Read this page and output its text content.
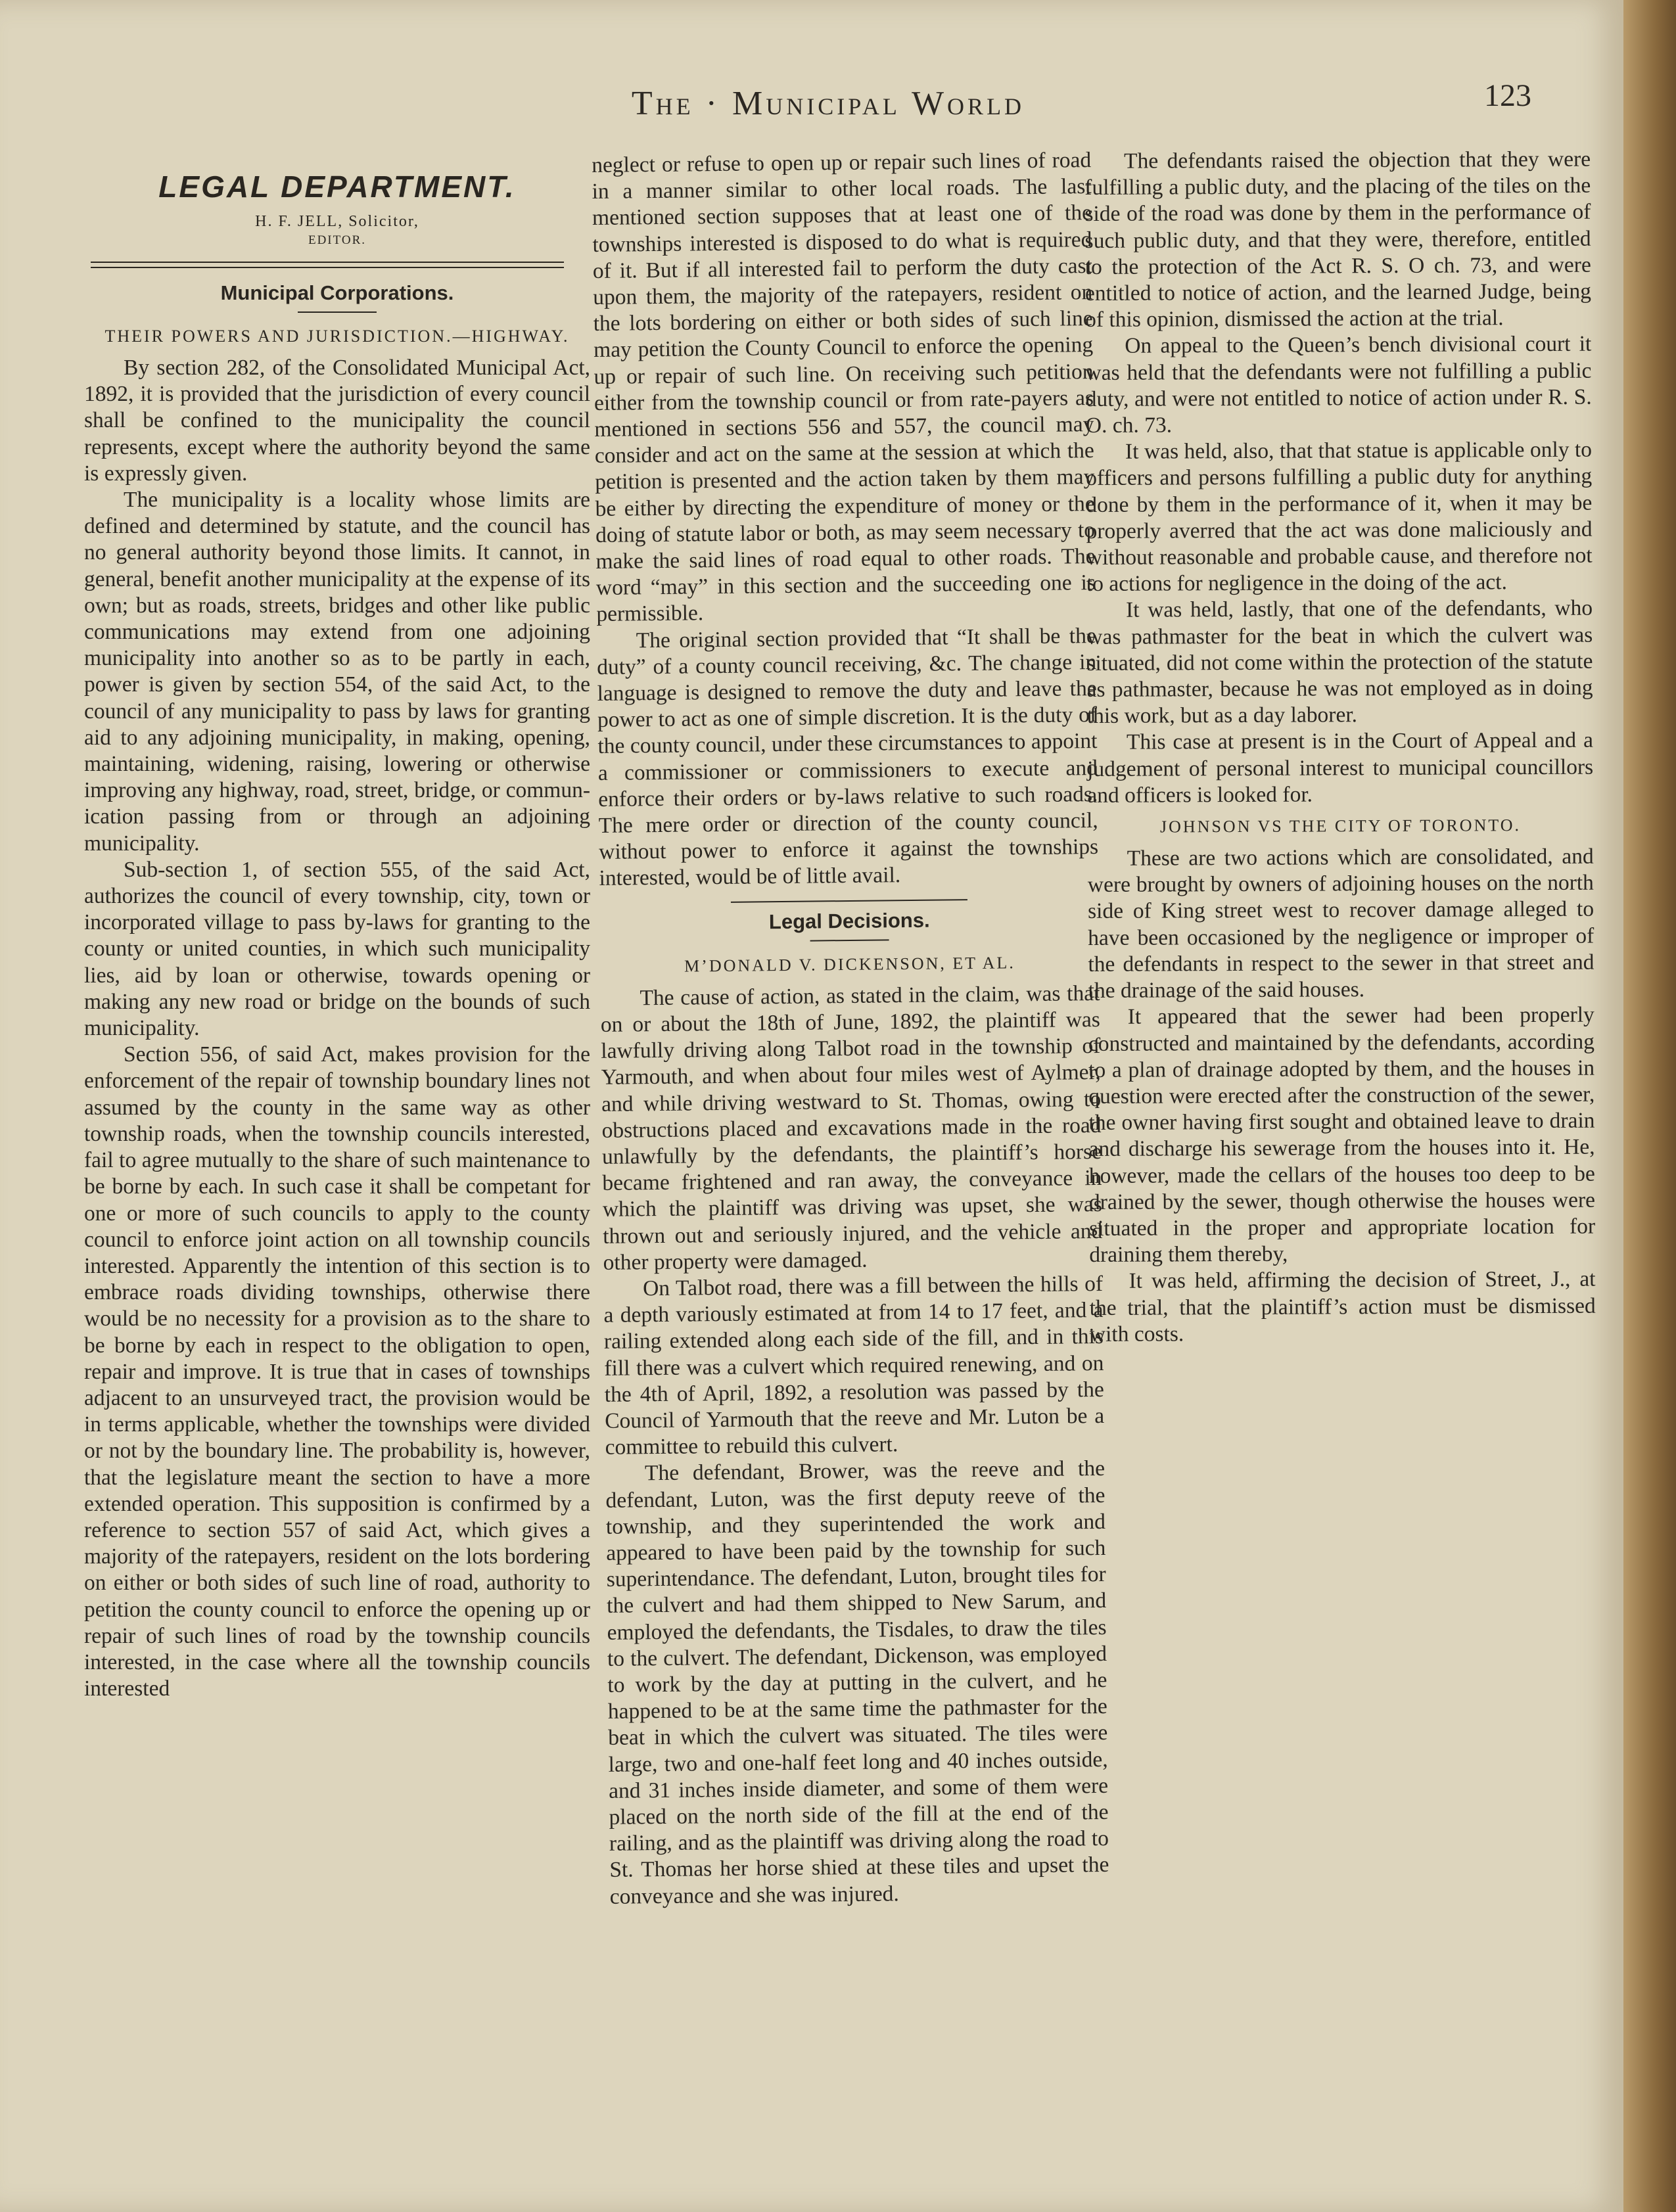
The · Municipal World	123
LEGAL DEPARTMENT.
H. F. JELL, Solicitor,
EDITOR.
Municipal Corporations.
THEIR POWERS AND JURISDICTION.—HIGHWAY.

By section 282, of the Consolidated Municipal Act, 1892, it is provided that the jurisdiction of every council shall be confined to the municipality the council represents, except where the authority beyond the same is expressly given.

The municipality is a locality whose limits are defined and determined by statute, and the council has no general authority beyond those limits. It cannot, in general, benefit another municipality at the expense of its own; but as roads, streets, bridges and other like public communications may extend from one adjoining municipality into another so as to be partly in each, power is given by section 554, of the said Act, to the council of any municipality to pass by laws for granting aid to any adjoining municipality, in making, opening, maintaining, widening, raising, lowering or otherwise improving any highway, road, street, bridge, or communication passing from or through an adjoining municipality.

Sub-section 1, of section 555, of the said Act, authorizes the council of every township, city, town or incorporated village to pass by-laws for granting to the county or united counties, in which such municipality lies, aid by loan or otherwise, towards opening or making any new road or bridge on the bounds of such municipality.

Section 556, of said Act, makes provision for the enforcement of the repair of township boundary lines not assumed by the county in the same way as other township roads, when the township councils interested, fail to agree mutually to the share of such maintenance to be borne by each. In such case it shall be competant for one or more of such councils to apply to the county council to enforce joint action on all township councils interested. Apparently the intention of this section is to embrace roads dividing townships, otherwise there would be no necessity for a provision as to the share to be borne by each in respect to the obligation to open, repair and improve. It is true that in cases of townships adjacent to an unsurveyed tract, the provision would be in terms applicable, whether the townships were divided or not by the boundary line. The probability is, however, that the legislature meant the section to have a more extended operation. This supposition is confirmed by a reference to section 557 of said Act, which gives a majority of the ratepayers, resident on the lots bordering on either or both sides of such line of road, authority to petition the county council to enforce the opening up or repair of such lines of road by the township councils interested, in the case where all the township councils interested

neglect or refuse to open up or repair such lines of road in a manner similar to other local roads. The last mentioned section supposes that at least one of the townships interested is disposed to do what is required of it. But if all interested fail to perform the duty cast upon them, the majority of the ratepayers, resident on the lots bordering on either or both sides of such line may petition the County Council to enforce the opening up or repair of such line. On receiving such petition either from the township council or from rate-payers as mentioned in sections 556 and 557, the council may consider and act on the same at the session at which the petition is presented and the action taken by them may be either by directing the expenditure of money or the doing of statute labor or both, as may seem necessary to make the said lines of road equal to other roads. The word “may” in this section and the succeeding one is permissible.

The original section provided that “It shall be the duty” of a county council receiving, &c. The change in language is designed to remove the duty and leave the power to act as one of simple discretion. It is the duty of the county council, under these circumstances to appoint a commissioner or commissioners to execute and enforce their orders or by-laws relative to such roads. The mere order or direction of the county council, without power to enforce it against the townships interested, would be of little avail.

Legal Decisions.
M’DONALD V. DICKENSON, ET AL.

The cause of action, as stated in the claim, was that on or about the 18th of June, 1892, the plaintiff was lawfully driving along Talbot road in the township of Yarmouth, and when about four miles west of Aylmer, and while driving westward to St. Thomas, owing to obstructions placed and excavations made in the road unlawfully by the defendants, the plaintiff’s horse became frightened and ran away, the conveyance in which the plaintiff was driving was upset, she was thrown out and seriously injured, and the vehicle and other property were damaged.

On Talbot road, there was a fill between the hills of a depth variously estimated at from 14 to 17 feet, and a railing extended along each side of the fill, and in this fill there was a culvert which required renewing, and on the 4th of April, 1892, a resolution was passed by the Council of Yarmouth that the reeve and Mr. Luton be a committee to rebuild this culvert.

The defendant, Brower, was the reeve and the defendant, Luton, was the first deputy reeve of the township, and they superintended the work and appeared to have been paid by the township for such superintendance. The defendant, Luton, brought tiles for the culvert and had them shipped to New Sarum, and employed the defendants, the Tisdales, to draw the tiles to the culvert. The defendant, Dickenson, was employed to work by the day at putting in the culvert, and he happened to be at the same time the pathmaster for the beat in which the culvert was situated. The tiles were large, two and one-half feet long and 40 inches outside, and 31 inches inside diameter, and some of them were placed on the north side of the fill at the end of the railing, and as the plaintiff was driving along the road to St. Thomas her horse shied at these tiles and upset the conveyance and she was injured.

The defendants raised the objection that they were fulfilling a public duty, and the placing of the tiles on the side of the road was done by them in the performance of such public duty, and that they were, therefore, entitled to the protection of the Act R. S. O ch. 73, and were entitled to notice of action, and the learned Judge, being of this opinion, dismissed the action at the trial.

On appeal to the Queen’s bench divisional court it was held that the defendants were not fulfilling a public duty, and were not entitled to notice of action under R. S. O. ch. 73.

It was held, also, that that statue is applicable only to officers and persons fulfilling a public duty for anything done by them in the performance of it, when it may be properly averred that the act was done maliciously and without reasonable and probable cause, and therefore not to actions for negligence in the doing of the act.

It was held, lastly, that one of the defendants, who was pathmaster for the beat in which the culvert was situated, did not come within the protection of the statute as pathmaster, because he was not employed as in doing this work, but as a day laborer.

This case at present is in the Court of Appeal and a judgement of personal interest to municipal councillors and officers is looked for.

JOHNSON VS THE CITY OF TORONTO.

These are two actions which are consolidated, and were brought by owners of adjoining houses on the north side of King street west to recover damage alleged to have been occasioned by the negligence or improper of the defendants in respect to the sewer in that street and the drainage of the said houses.

It appeared that the sewer had been properly constructed and maintained by the defendants, according to a plan of drainage adopted by them, and the houses in question were erected after the construction of the sewer, the owner having first sought and obtained leave to drain and discharge his sewerage from the houses into it. He, however, made the cellars of the houses too deep to be drained by the sewer, though otherwise the houses were situated in the proper and appropriate location for draining them thereby,

It was held, affirming the decision of Street, J., at the trial, that the plaintiff’s action must be dismissed with costs.
